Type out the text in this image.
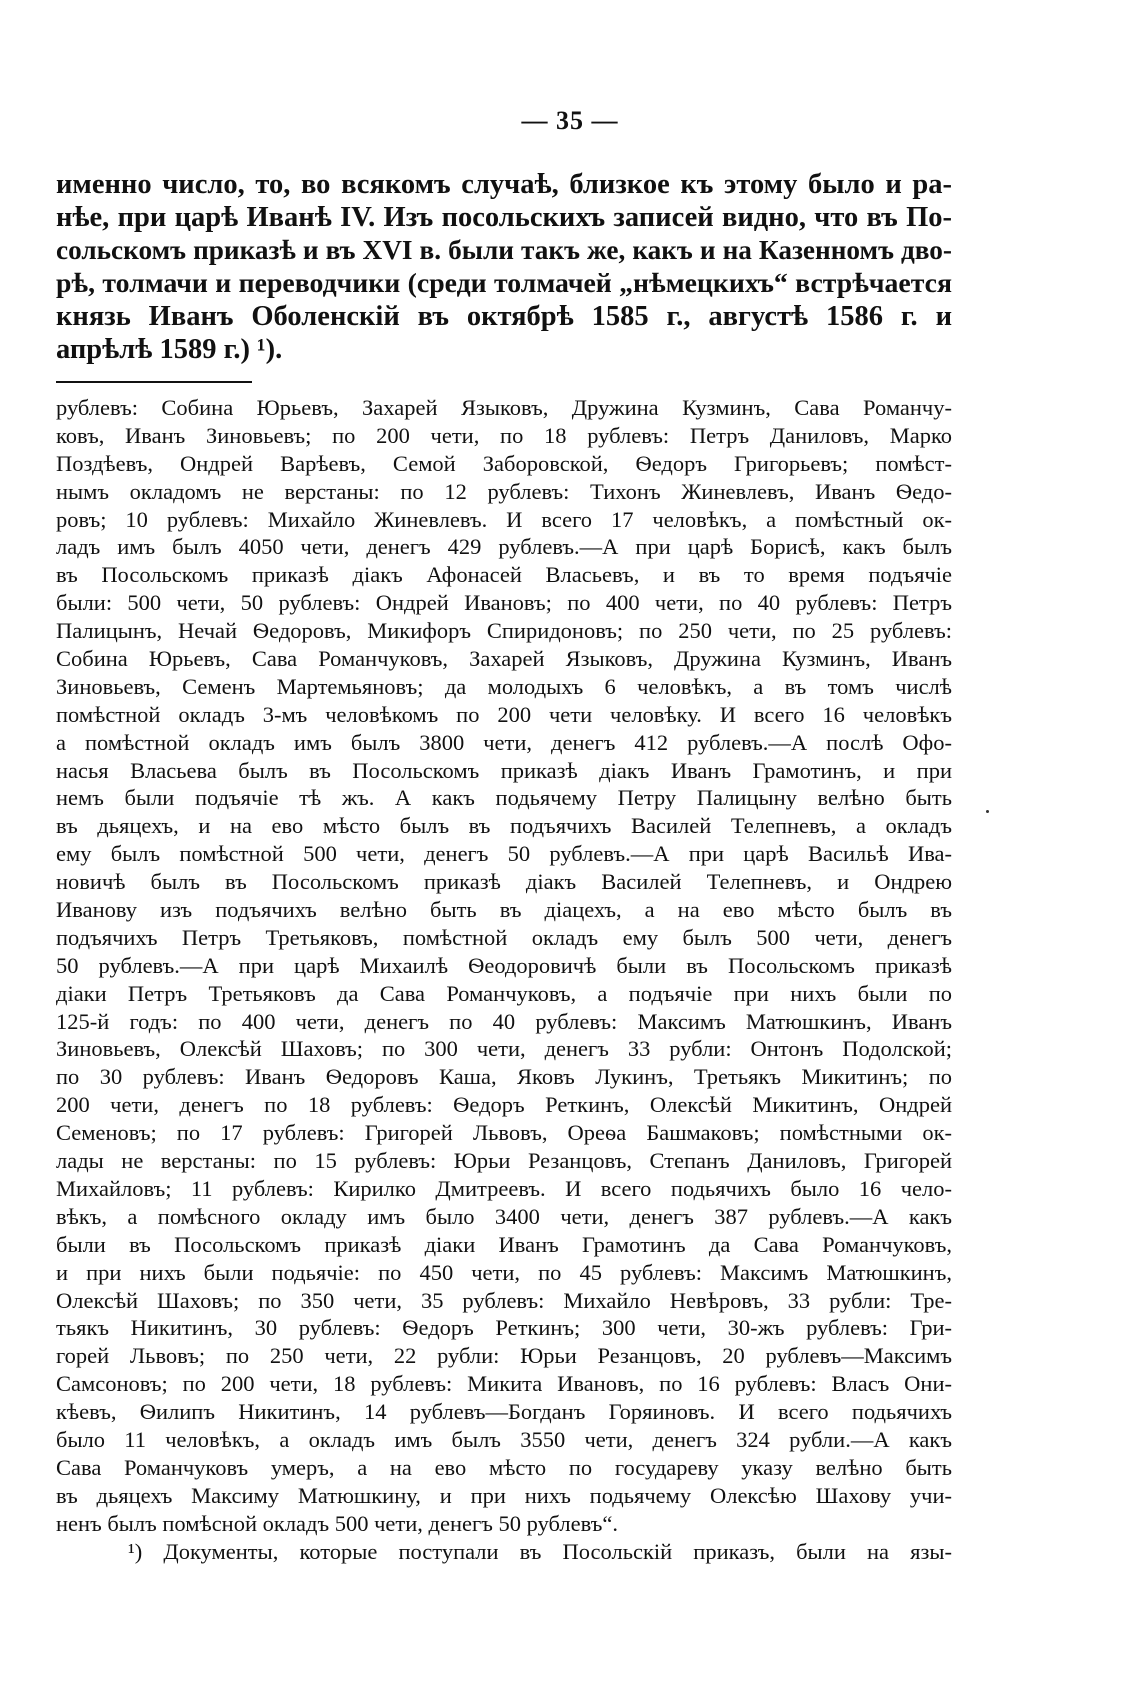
— 35 —
именно число, то, во всякомъ случаѣ, близкое къ этому было и ра-
нѣе, при царѣ Иванѣ IV. Изъ посольскихъ записей видно, что въ По-
сольскомъ приказѣ и въ XVI в. были такъ же, какъ и на Казенномъ дво-
рѣ, толмачи и переводчики (среди толмачей „нѣмецкихъ“ встрѣчается
князь Иванъ Оболенскій въ октябрѣ 1585 г., августѣ 1586 г. и
апрѣлѣ 1589 г.) ¹).
рублевъ: Собина Юрьевъ, Захарей Языковъ, Дружина Кузминъ, Сава Романчу-
ковъ, Иванъ Зиновьевъ; по 200 чети, по 18 рублевъ: Петръ Даниловъ, Марко
Поздѣевъ, Ондрей Варѣевъ, Семой Заборовской, Ѳедоръ Григорьевъ; помѣст-
нымъ окладомъ не верстаны: по 12 рублевъ: Тихонъ Жиневлевъ, Иванъ Ѳедо-
ровъ; 10 рублевъ: Михайло Жиневлевъ. И всего 17 человѣкъ, а помѣстный ок-
ладъ имъ былъ 4050 чети, денегъ 429 рублевъ.—А при царѣ Борисѣ, какъ былъ
въ Посольскомъ приказѣ діакъ Афонасей Власьевъ, и въ то время подъячіе
были: 500 чети, 50 рублевъ: Ондрей Ивановъ; по 400 чети, по 40 рублевъ: Петръ
Палицынъ, Нечай Ѳедоровъ, Микифоръ Спиридоновъ; по 250 чети, по 25 рублевъ:
Собина Юрьевъ, Сава Романчуковъ, Захарей Языковъ, Дружина Кузминъ, Иванъ
Зиновьевъ, Семенъ Мартемьяновъ; да молодыхъ 6 человѣкъ, а въ томъ числѣ
помѣстной окладъ 3-мъ человѣкомъ по 200 чети человѣку. И всего 16 человѣкъ
а помѣстной окладъ имъ былъ 3800 чети, денегъ 412 рублевъ.—А послѣ Офо-
насья Власьева былъ въ Посольскомъ приказѣ діакъ Иванъ Грамотинъ, и при
немъ были подъячіе тѣ жъ. А какъ подьячему Петру Палицыну велѣно быть
въ дьяцехъ, и на ево мѣсто былъ въ подъячихъ Василей Телепневъ, а окладъ
ему былъ помѣстной 500 чети, денегъ 50 рублевъ.—А при царѣ Васильѣ Ива-
новичѣ былъ въ Посольскомъ приказѣ діакъ Василей Телепневъ, и Ондрею
Иванову изъ подъячихъ велѣно быть въ діацехъ, а на ево мѣсто былъ въ
подъячихъ Петръ Третьяковъ, помѣстной окладъ ему былъ 500 чети, денегъ
50 рублевъ.—А при царѣ Михаилѣ Ѳеодоровичѣ были въ Посольскомъ приказѣ
діаки Петръ Третьяковъ да Сава Романчуковъ, а подъячіе при нихъ были по
125-й годъ: по 400 чети, денегъ по 40 рублевъ: Максимъ Матюшкинъ, Иванъ
Зиновьевъ, Олексѣй Шаховъ; по 300 чети, денегъ 33 рубли: Онтонъ Подолской;
по 30 рублевъ: Иванъ Ѳедоровъ Каша, Яковъ Лукинъ, Третьякъ Микитинъ; по
200 чети, денегъ по 18 рублевъ: Ѳедоръ Реткинъ, Олексѣй Микитинъ, Ондрей
Семеновъ; по 17 рублевъ: Григорей Львовъ, Ореѳа Башмаковъ; помѣстными ок-
лады не верстаны: по 15 рублевъ: Юрьи Резанцовъ, Степанъ Даниловъ, Григорей
Михайловъ; 11 рублевъ: Кирилко Дмитреевъ. И всего подьячихъ было 16 чело-
вѣкъ, а помѣсного окладу имъ было 3400 чети, денегъ 387 рублевъ.—А какъ
были въ Посольскомъ приказѣ діаки Иванъ Грамотинъ да Сава Романчуковъ,
и при нихъ были подьячіе: по 450 чети, по 45 рублевъ: Максимъ Матюшкинъ,
Олексѣй Шаховъ; по 350 чети, 35 рублевъ: Михайло Невѣровъ, 33 рубли: Тре-
тьякъ Никитинъ, 30 рублевъ: Ѳедоръ Реткинъ; 300 чети, 30-жъ рублевъ: Гри-
горей Львовъ; по 250 чети, 22 рубли: Юрьи Резанцовъ, 20 рублевъ—Максимъ
Самсоновъ; по 200 чети, 18 рублевъ: Микита Ивановъ, по 16 рублевъ: Власъ Они-
кѣевъ, Ѳилипъ Никитинъ, 14 рублевъ—Богданъ Горяиновъ. И всего подьячихъ
было 11 человѣкъ, а окладъ имъ былъ 3550 чети, денегъ 324 рубли.—А какъ
Сава Романчуковъ умеръ, а на ево мѣсто по государеву указу велѣно быть
въ дьяцехъ Максиму Матюшкину, и при нихъ подьячему Олексѣю Шахову учи-
ненъ былъ помѣсной окладъ 500 чети, денегъ 50 рублевъ“.
¹) Документы, которые поступали въ Посольскій приказъ, были на язы-
